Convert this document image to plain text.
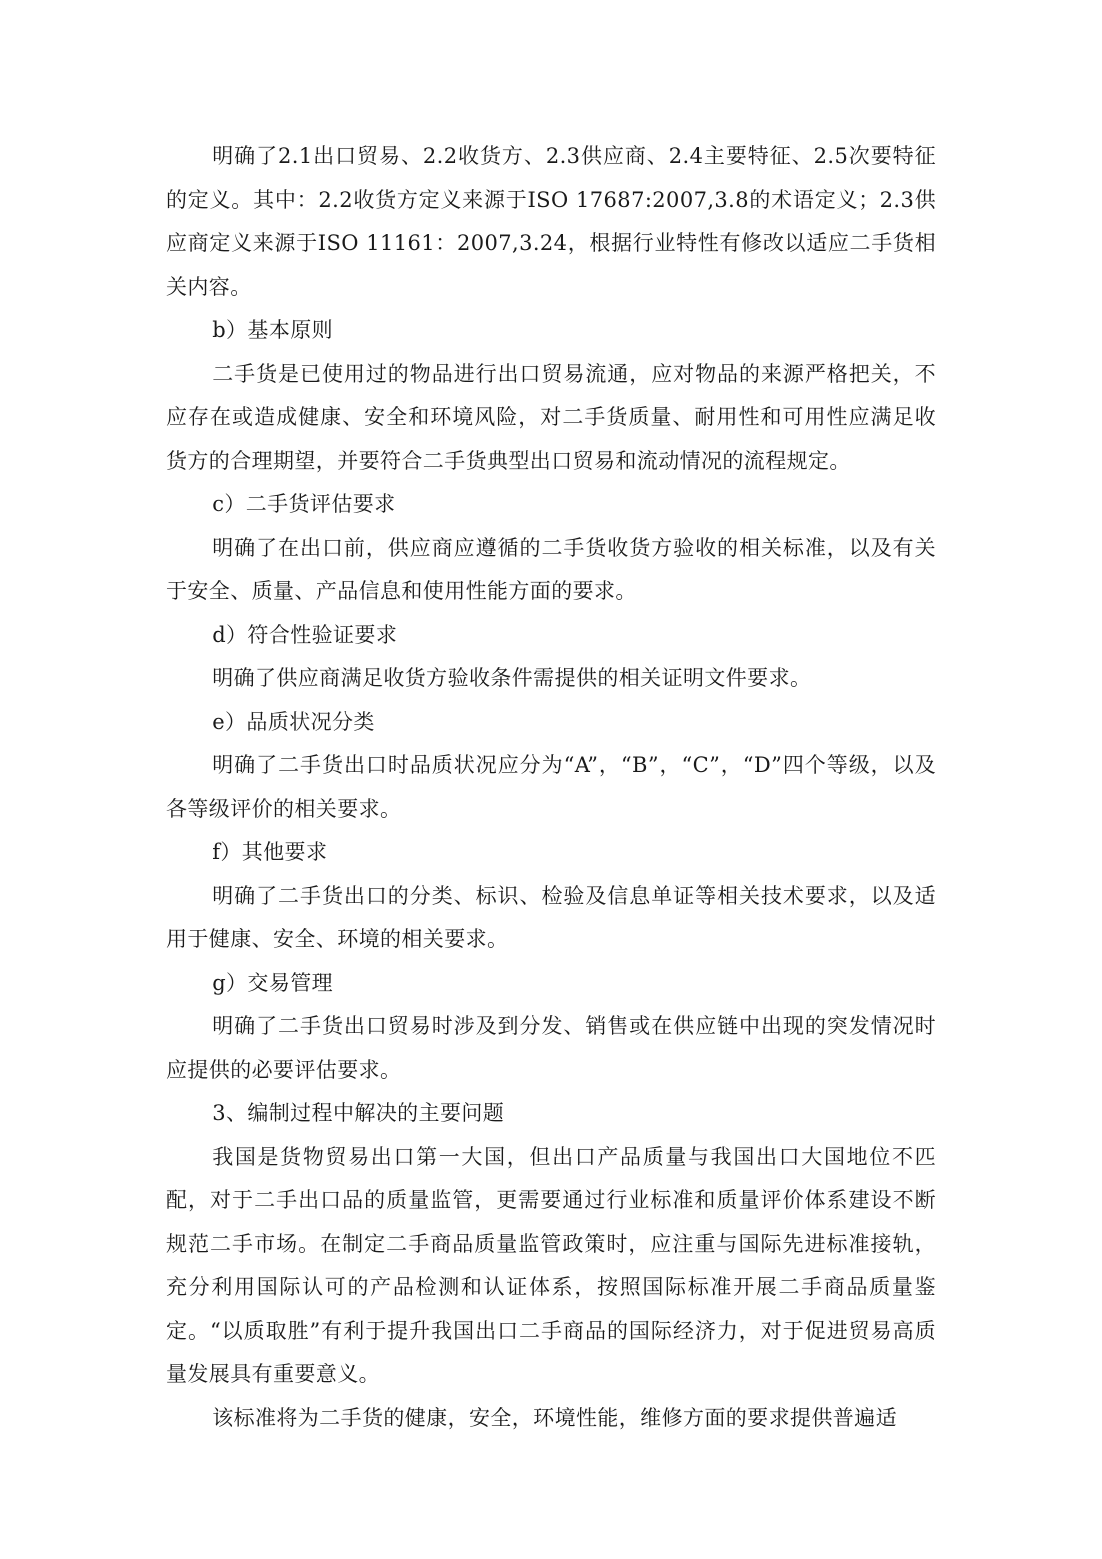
明确了2.1出口贸易、2.2收货方、2.3供应商、2.4主要特征、2.5次要特征的定义。其中：2.2收货方定义来源于ISO 17687:2007,3.8的术语定义；2.3供应商定义来源于ISO 11161：2007,3.24，根据行业特性有修改以适应二手货相关内容。

b）基本原则

二手货是已使用过的物品进行出口贸易流通，应对物品的来源严格把关，不应存在或造成健康、安全和环境风险，对二手货质量、耐用性和可用性应满足收货方的合理期望，并要符合二手货典型出口贸易和流动情况的流程规定。

c）二手货评估要求

明确了在出口前，供应商应遵循的二手货收货方验收的相关标准，以及有关于安全、质量、产品信息和使用性能方面的要求。

d）符合性验证要求

明确了供应商满足收货方验收条件需提供的相关证明文件要求。

e）品质状况分类

明确了二手货出口时品质状况应分为“A”，“B”，“C”，“D”四个等级，以及各等级评价的相关要求。

f）其他要求

明确了二手货出口的分类、标识、检验及信息单证等相关技术要求，以及适用于健康、安全、环境的相关要求。

g）交易管理

明确了二手货出口贸易时涉及到分发、销售或在供应链中出现的突发情况时应提供的必要评估要求。

3、编制过程中解决的主要问题

我国是货物贸易出口第一大国，但出口产品质量与我国出口大国地位不匹配，对于二手出口品的质量监管，更需要通过行业标准和质量评价体系建设不断规范二手市场。在制定二手商品质量监管政策时，应注重与国际先进标准接轨，充分利用国际认可的产品检测和认证体系，按照国际标准开展二手商品质量鉴定。“以质取胜”有利于提升我国出口二手商品的国际经济力，对于促进贸易高质量发展具有重要意义。

该标准将为二手货的健康，安全，环境性能，维修方面的要求提供普遍适
